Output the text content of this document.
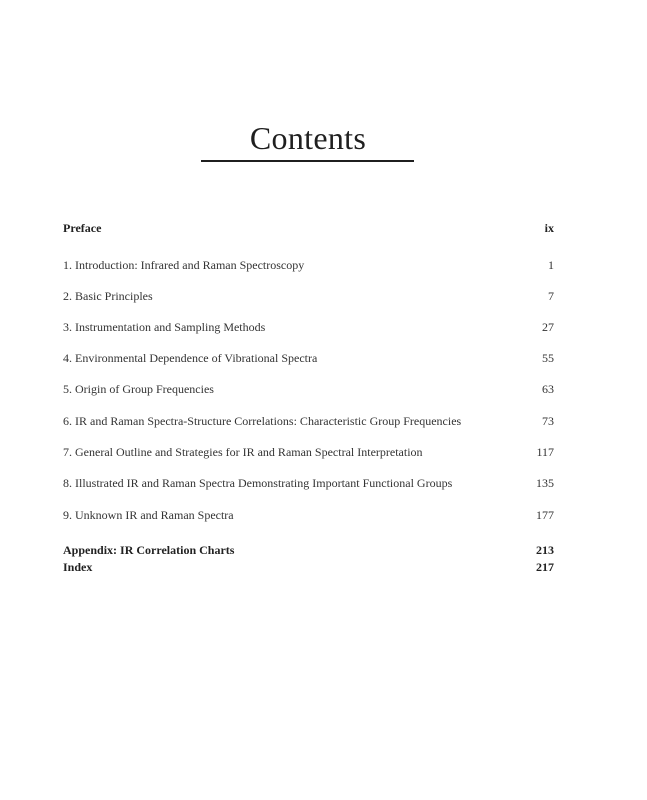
Contents
Preface	ix
1. Introduction: Infrared and Raman Spectroscopy	1
2. Basic Principles	7
3. Instrumentation and Sampling Methods	27
4. Environmental Dependence of Vibrational Spectra	55
5. Origin of Group Frequencies	63
6. IR and Raman Spectra-Structure Correlations: Characteristic Group Frequencies	73
7. General Outline and Strategies for IR and Raman Spectral Interpretation	117
8. Illustrated IR and Raman Spectra Demonstrating Important Functional Groups	135
9. Unknown IR and Raman Spectra	177
Appendix: IR Correlation Charts	213
Index	217
